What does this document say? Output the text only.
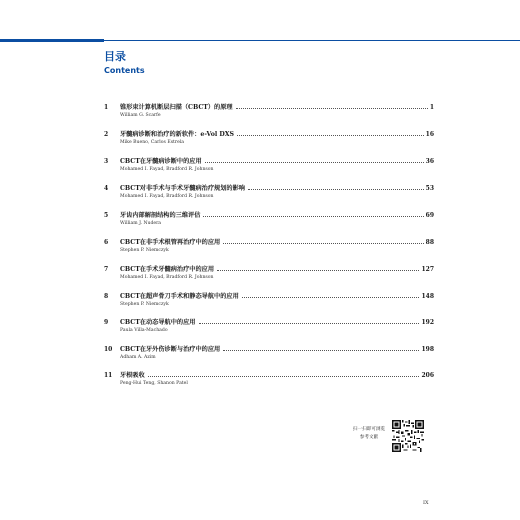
目录
Contents
1	锥形束计算机断层扫描（CBCT）的原理	1
William G. Scarfe
2	牙髓病诊断和治疗的新软件：e-Vol DXS	16
Mike Bueno, Carlos Estrela
3	CBCT在牙髓病诊断中的应用	36
Mohamed I. Fayad, Bradford R. Johnson
4	CBCT对非手术与手术牙髓病治疗规划的影响	53
Mohamed I. Fayad, Bradford R. Johnson
5	牙齿内部解剖结构的三维评估	69
William J. Nudera
6	CBCT在非手术根管再治疗中的应用	88
Stephen P. Niemczyk
7	CBCT在手术牙髓病治疗中的应用	127
Mohamed I. Fayad, Bradford R. Johnson
8	CBCT在超声骨刀手术和静态导航中的应用	148
Stephen P. Niemczyk
9	CBCT在动态导航中的应用	192
Paula Villa-Machado
10	CBCT在牙外伤诊断与治疗中的应用	198
Adham A. Azim
11	牙根吸收	206
Peng-Hui Teng, Shanon Patel
扫一扫即可浏览
参考文献
IX
